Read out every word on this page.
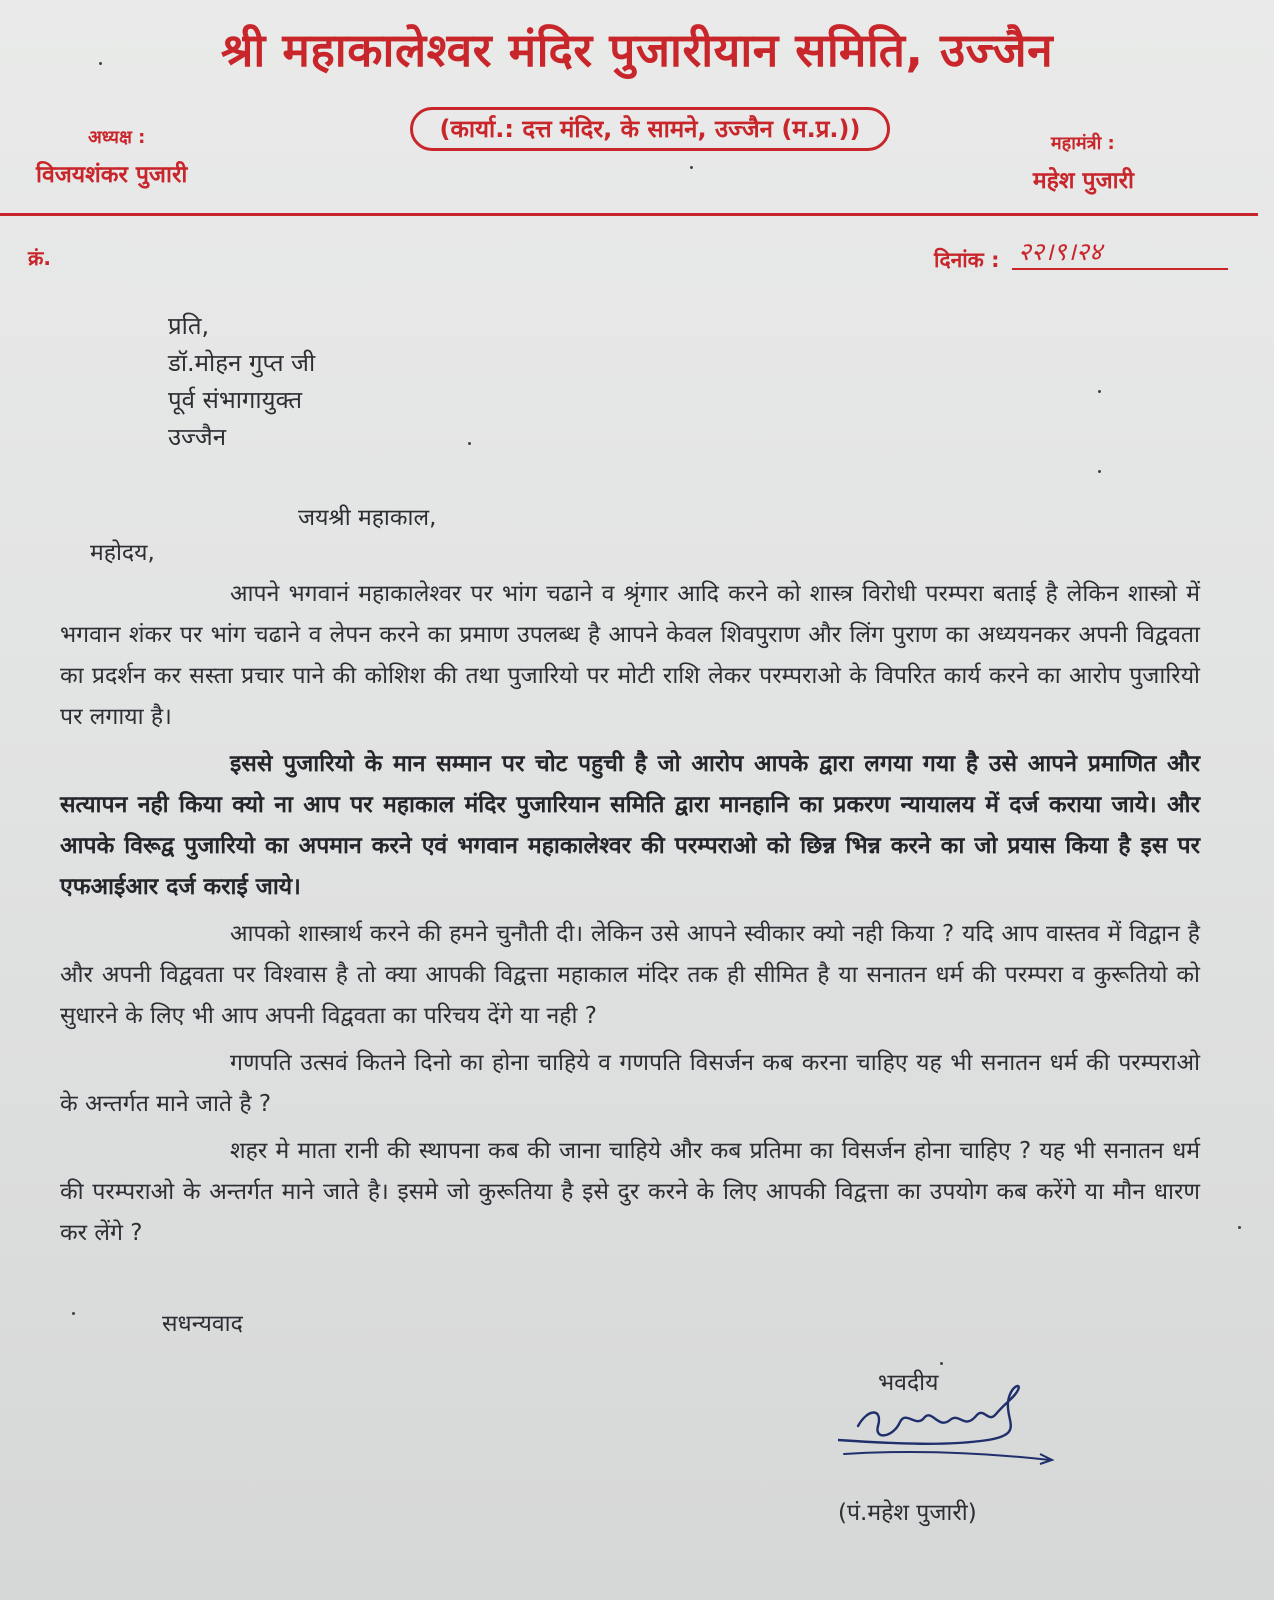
श्री महाकालेश्वर मंदिर पुजारीयान समिति, उज्जैन
(कार्या.: दत्त मंदिर, के सामने, उज्जैन (म.प्र.))
अध्यक्ष :
विजयशंकर पुजारी
महामंत्री :
महेश पुजारी
क्रं.	दिनांक : २२।९।२४
प्रति,
डॉ.मोहन गुप्त जी
पूर्व संभागायुक्त
उज्जैन
जयश्री महाकाल,
महोदय,

आपने भगवानं महाकालेश्वर पर भांग चढाने व श्रृंगार आदि करने को शास्त्र विरोधी परम्परा बताई है लेकिन शास्त्रो में भगवान शंकर पर भांग चढाने व लेपन करने का प्रमाण उपलब्ध है आपने केवल शिवपुराण और लिंग पुराण का अध्ययनकर अपनी विद्ववता का प्रदर्शन कर सस्ता प्रचार पाने की कोशिश की तथा पुजारियो पर मोटी राशि लेकर परम्पराओ के विपरित कार्य करने का आरोप पुजारियो पर लगाया है।

इससे पुजारियो के मान सम्मान पर चोट पहुची है जो आरोप आपके द्वारा लगया गया है उसे आपने प्रमाणित और सत्यापन नही किया क्यो ना आप पर महाकाल मंदिर पुजारियान समिति द्वारा मानहानि का प्रकरण न्यायालय में दर्ज कराया जाये। और आपके विरूद्व पुजारियो का अपमान करने एवं भगवान महाकालेश्वर की परम्पराओ को छिन्न भिन्न करने का जो प्रयास किया है इस पर एफआईआर दर्ज कराई जाये।

आपको शास्त्रार्थ करने की हमने चुनौती दी। लेकिन उसे आपने स्वीकार क्यो नही किया ? यदि आप वास्तव में विद्वान है और अपनी विद्ववता पर विश्वास है तो क्या आपकी विद्वत्ता महाकाल मंदिर तक ही सीमित है या सनातन धर्म की परम्परा व कुरूतियो को सुधारने के लिए भी आप अपनी विद्ववता का परिचय देंगे या नही ?

गणपति उत्सवं कितने दिनो का होना चाहिये व गणपति विसर्जन कब करना चाहिए यह भी सनातन धर्म की परम्पराओ के अन्तर्गत माने जाते है ?

शहर मे माता रानी की स्थापना कब की जाना चाहिये और कब प्रतिमा का विसर्जन होना चाहिए ? यह भी सनातन धर्म की परम्पराओ के अन्तर्गत माने जाते है। इसमे जो कुरूतिया है इसे दुर करने के लिए आपकी विद्वत्ता का उपयोग कब करेंगे या मौन धारण कर लेंगे ?

सधन्यवाद
भवदीय
(पं.महेश पुजारी)
